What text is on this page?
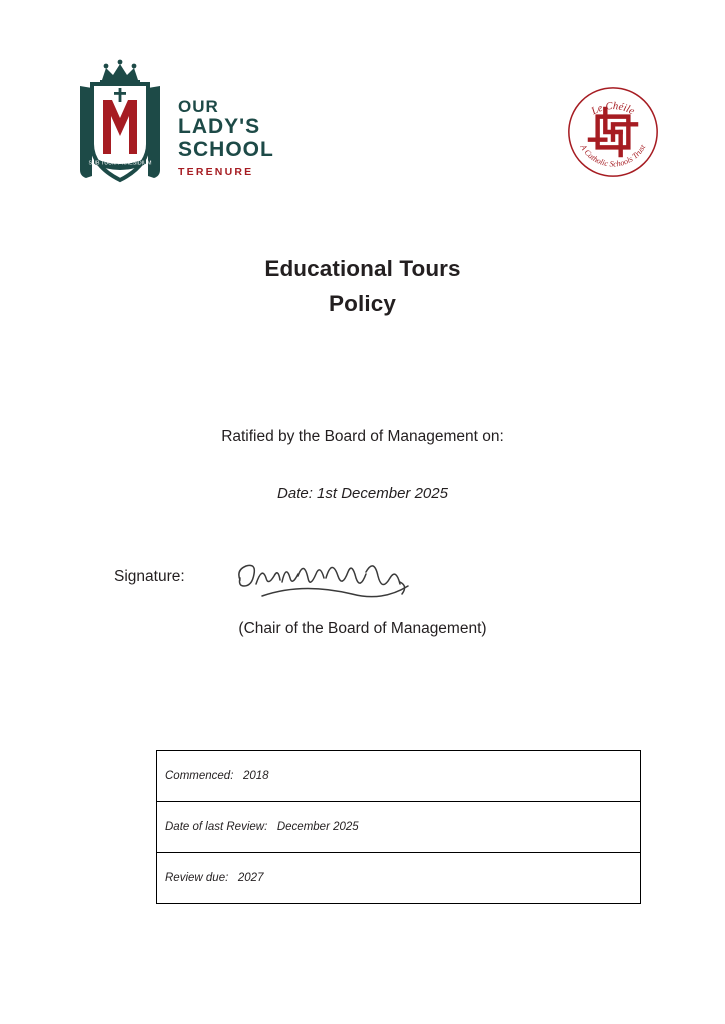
SUB TUUM PRAESIDIUM
OUR
LADY'S
SCHOOL
TERENURE
Le Chéile
A Catholic Schools Trust
Educational Tours
Policy
Ratified by the Board of Management on:
Date: 1st December 2025
Signature:
(Chair of the Board of Management)
Commenced: 2018
Date of last Review: December 2025
Review due: 2027
